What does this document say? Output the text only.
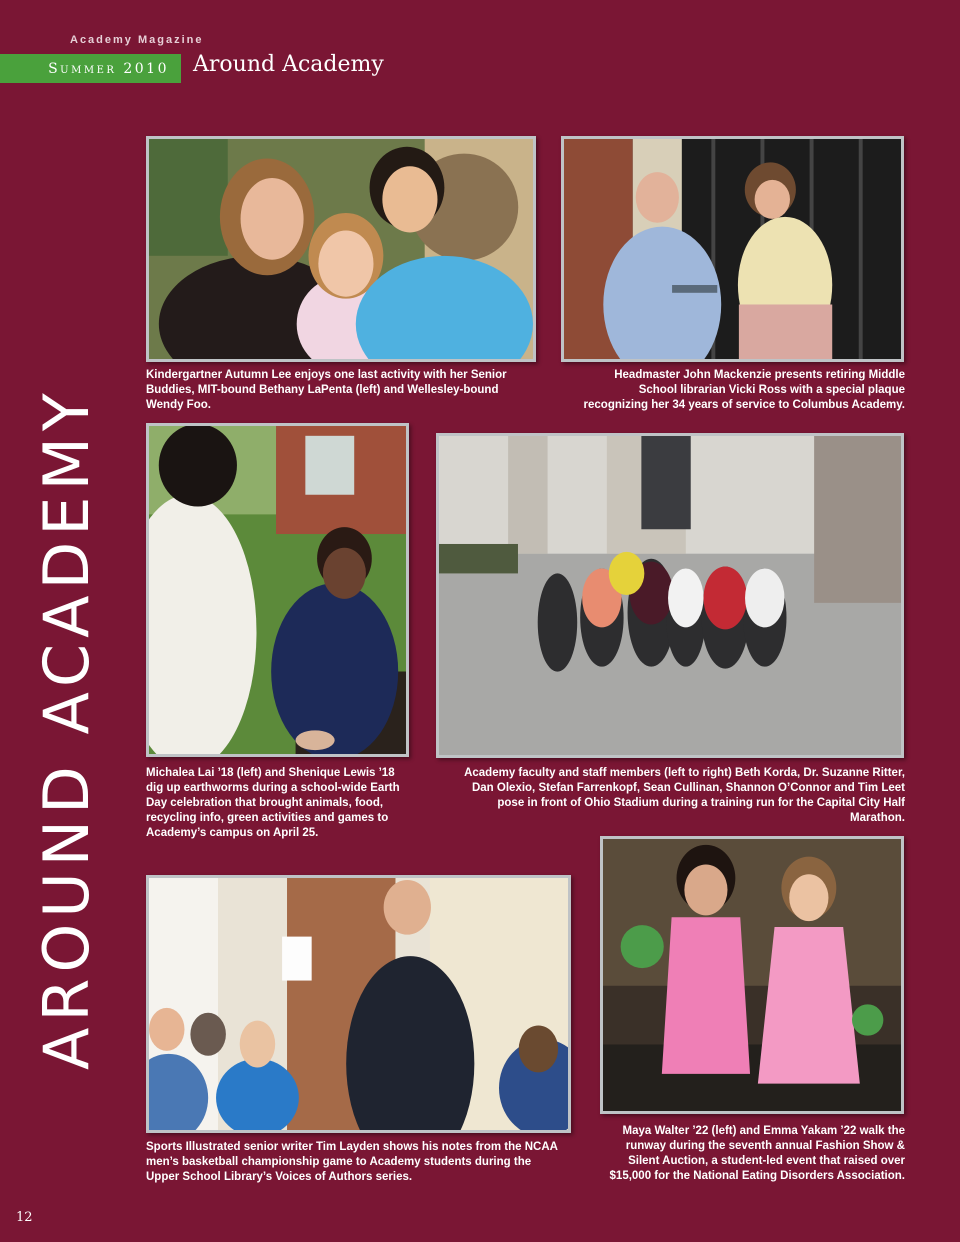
Academy Magazine
Summer 2010	Around Academy
AROUND ACADEMY
Kindergartner Autumn Lee enjoys one last activity with her Senior Buddies, MIT-bound Bethany LaPenta (left) and Wellesley-bound Wendy Foo.
Headmaster John Mackenzie presents retiring Middle School librarian Vicki Ross with a special plaque recognizing her 34 years of service to Columbus Academy.
Michalea Lai ’18 (left) and Shenique Lewis ’18 dig up earthworms during a school-wide Earth Day celebration that brought animals, food, recycling info, green activities and games to Academy’s campus on April 25.
Academy faculty and staff members (left to right) Beth Korda, Dr. Suzanne Ritter, Dan Olexio, Stefan Farrenkopf, Sean Cullinan, Shannon O’Connor and Tim Leet pose in front of Ohio Stadium during a training run for the Capital City Half Marathon.
Maya Walter ’22 (left) and Emma Yakam ’22 walk the runway during the seventh annual Fashion Show & Silent Auction, a student-led event that raised over $15,000 for the National Eating Disorders Association.
Sports Illustrated senior writer Tim Layden shows his notes from the NCAA men’s basketball championship game to Academy students during the Upper School Library’s Voices of Authors series.
12
